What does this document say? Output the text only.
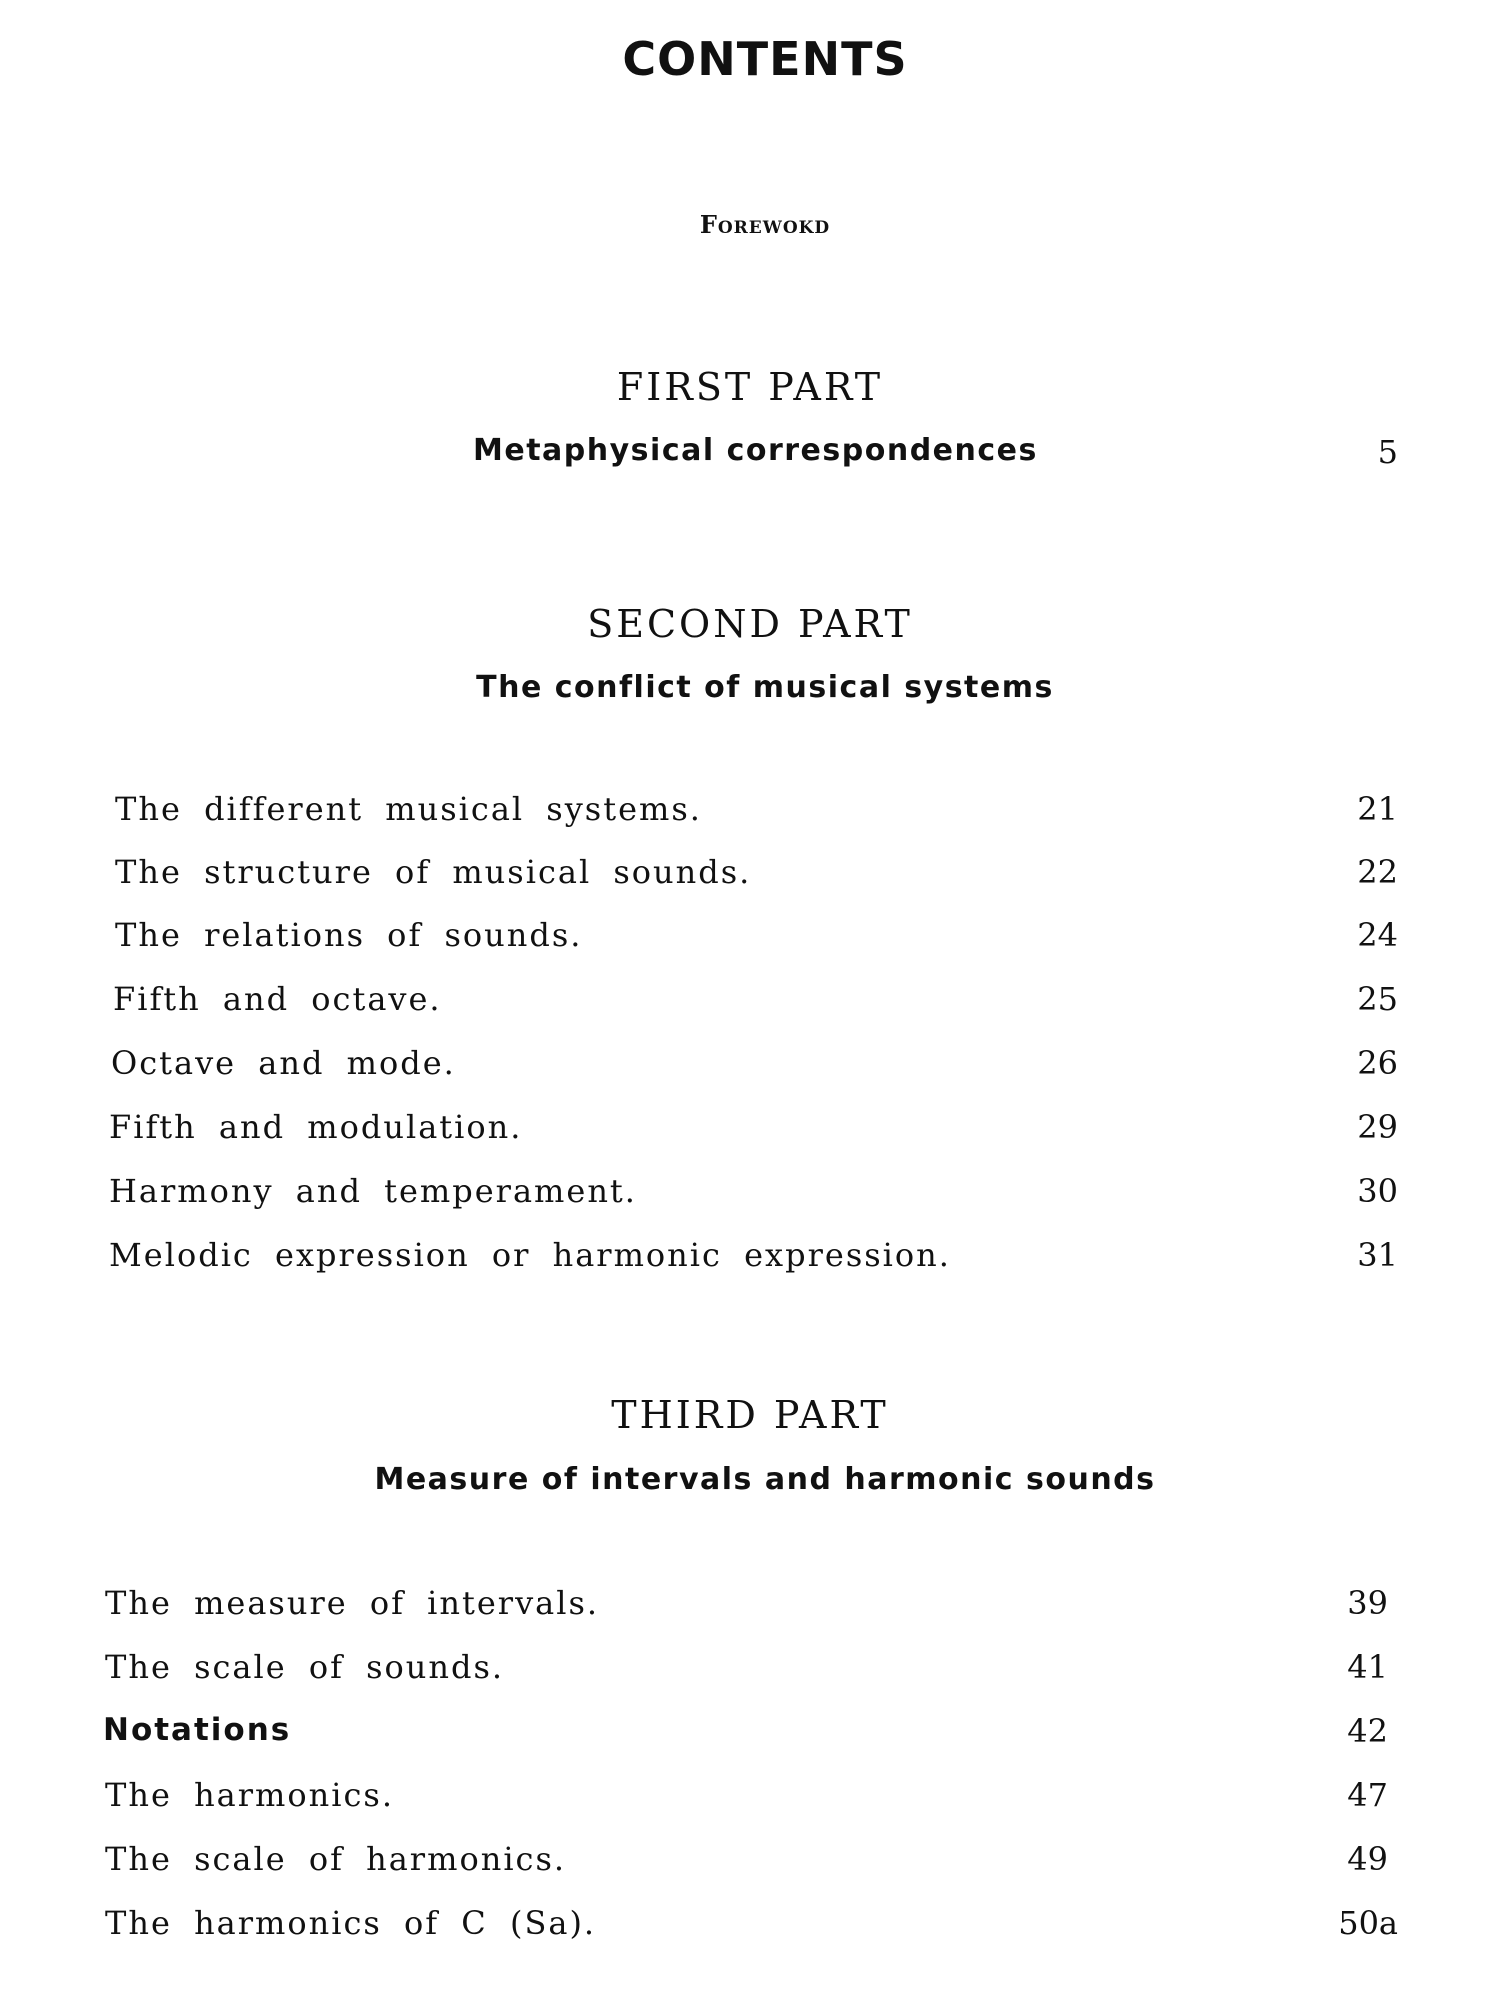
CONTENTS
Forewokd
FIRST PART
Metaphysical correspondences	5
SECOND PART
The conflict of musical systems
The different musical systems.	21
The structure of musical sounds.	22
The relations of sounds.	24
Fifth and octave.	25
Octave and mode.	26
Fifth and modulation.	29
Harmony and temperament.	30
Melodic expression or harmonic expression.	31
THIRD PART
Measure of intervals and harmonic sounds
The measure of intervals.	39
The scale of sounds.	41
Notations	42
The harmonics.	47
The scale of harmonics.	49
The harmonics of C (Sa).	50a
